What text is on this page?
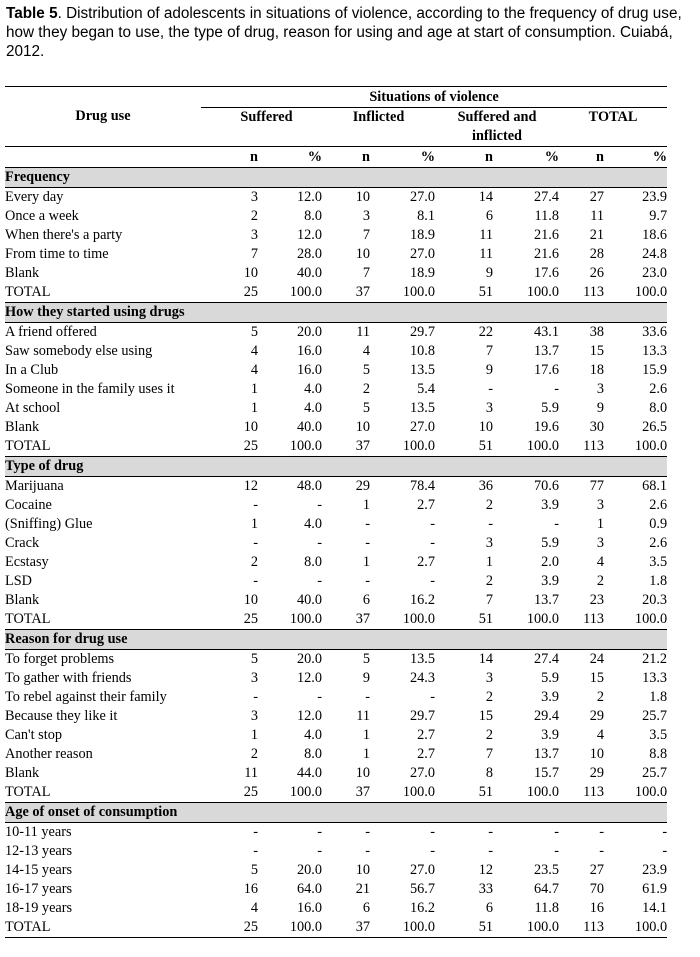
Table 5. Distribution of adolescents in situations of violence, according to the frequency of drug use, how they began to use, the type of drug, reason for using and age at start of consumption. Cuiabá, 2012.
Drug use	Situations of violence							
	Suffered		Inflicted		Suffered and inflicted		TOTAL	
	n	%	n	%	n	%	n	%
Frequency								
Every day	3	12.0	10	27.0	14	27.4	27	23.9
Once a week	2	8.0	3	8.1	6	11.8	11	9.7
When there's a party	3	12.0	7	18.9	11	21.6	21	18.6
From time to time	7	28.0	10	27.0	11	21.6	28	24.8
Blank	10	40.0	7	18.9	9	17.6	26	23.0
TOTAL	25	100.0	37	100.0	51	100.0	113	100.0
How they started using drugs								
A friend offered	5	20.0	11	29.7	22	43.1	38	33.6
Saw somebody else using	4	16.0	4	10.8	7	13.7	15	13.3
In a Club	4	16.0	5	13.5	9	17.6	18	15.9
Someone in the family uses it	1	4.0	2	5.4	-	-	3	2.6
At school	1	4.0	5	13.5	3	5.9	9	8.0
Blank	10	40.0	10	27.0	10	19.6	30	26.5
TOTAL	25	100.0	37	100.0	51	100.0	113	100.0
Type of drug								
Marijuana	12	48.0	29	78.4	36	70.6	77	68.1
Cocaine	-	-	1	2.7	2	3.9	3	2.6
(Sniffing) Glue	1	4.0	-	-	-	-	1	0.9
Crack	-	-	-	-	3	5.9	3	2.6
Ecstasy	2	8.0	1	2.7	1	2.0	4	3.5
LSD	-	-	-	-	2	3.9	2	1.8
Blank	10	40.0	6	16.2	7	13.7	23	20.3
TOTAL	25	100.0	37	100.0	51	100.0	113	100.0
Reason for drug use								
To forget problems	5	20.0	5	13.5	14	27.4	24	21.2
To gather with friends	3	12.0	9	24.3	3	5.9	15	13.3
To rebel against their family	-	-	-	-	2	3.9	2	1.8
Because they like it	3	12.0	11	29.7	15	29.4	29	25.7
Can't stop	1	4.0	1	2.7	2	3.9	4	3.5
Another reason	2	8.0	1	2.7	7	13.7	10	8.8
Blank	11	44.0	10	27.0	8	15.7	29	25.7
TOTAL	25	100.0	37	100.0	51	100.0	113	100.0
Age of onset of consumption								
10-11 years	-	-	-	-	-	-	-	-
12-13 years	-	-	-	-	-	-	-	-
14-15 years	5	20.0	10	27.0	12	23.5	27	23.9
16-17 years	16	64.0	21	56.7	33	64.7	70	61.9
18-19 years	4	16.0	6	16.2	6	11.8	16	14.1
TOTAL	25	100.0	37	100.0	51	100.0	113	100.0
